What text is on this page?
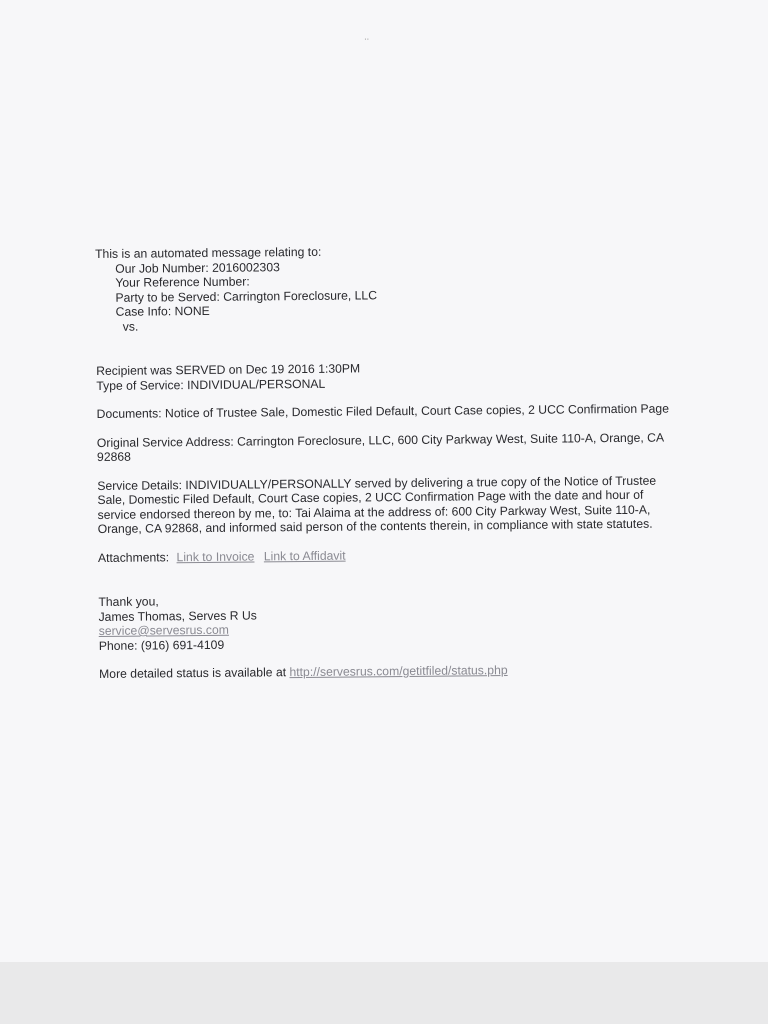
⋅⋅
This is an automated message relating to:
Our Job Number: 2016002303
Your Reference Number:
Party to be Served: Carrington Foreclosure, LLC
Case Info: NONE
vs.
Recipient was SERVED on Dec 19 2016 1:30PM
Type of Service: INDIVIDUAL/PERSONAL
Documents: Notice of Trustee Sale, Domestic Filed Default, Court Case copies, 2 UCC Confirmation Page
Original Service Address: Carrington Foreclosure, LLC, 600 City Parkway West, Suite 110-A, Orange, CA
92868
Service Details: INDIVIDUALLY/PERSONALLY served by delivering a true copy of the Notice of Trustee
Sale, Domestic Filed Default, Court Case copies, 2 UCC Confirmation Page with the date and hour of
service endorsed thereon by me, to: Tai Alaima at the address of: 600 City Parkway West, Suite 110-A,
Orange, CA 92868, and informed said person of the contents therein, in compliance with state statutes.
Attachments: Link to Invoice Link to Affidavit
Thank you,
James Thomas, Serves R Us
service@servesrus.com
Phone: (916) 691-4109
More detailed status is available at http://servesrus.com/getitfiled/status.php
